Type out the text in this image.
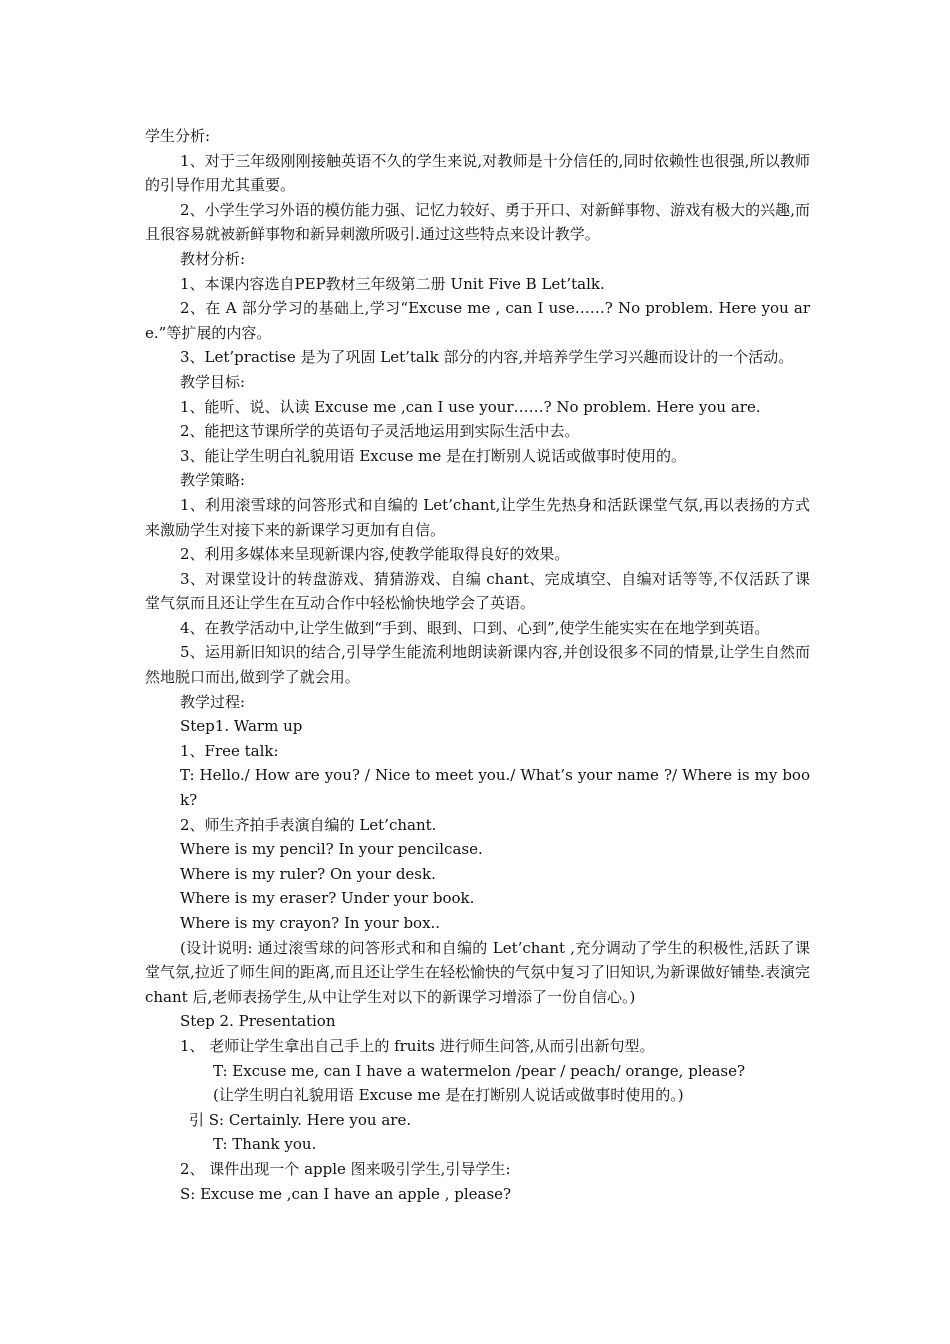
学生分析:

1、对于三年级刚刚接触英语不久的学生来说,对教师是十分信任的,同时依赖性也很强,所以教师的引导作用尤其重要。

2、小学生学习外语的模仿能力强、记忆力较好、勇于开口、对新鲜事物、游戏有极大的兴趣,而且很容易就被新鲜事物和新异刺激所吸引.通过这些特点来设计教学。

教材分析:

1、本课内容选自PEP教材三年级第二册 Unit Five B Let’talk.

2、在 A 部分学习的基础上,学习“Excuse me , can I use……? No problem. Here you are.”等扩展的内容。

3、Let’practise 是为了巩固 Let’talk 部分的内容,并培养学生学习兴趣而设计的一个活动。

教学目标:

1、能听、说、认读 Excuse me ,can I use your……? No problem. Here you are.

2、能把这节课所学的英语句子灵活地运用到实际生活中去。

3、能让学生明白礼貌用语 Excuse me 是在打断别人说话或做事时使用的。

教学策略:

1、利用滚雪球的问答形式和自编的 Let’chant,让学生先热身和活跃课堂气氛,再以表扬的方式来激励学生对接下来的新课学习更加有自信。

2、利用多媒体来呈现新课内容,使教学能取得良好的效果。

3、对课堂设计的转盘游戏、猜猜游戏、自编 chant、完成填空、自编对话等等,不仅活跃了课堂气氛而且还让学生在互动合作中轻松愉快地学会了英语。

4、在教学活动中,让学生做到“手到、眼到、口到、心到”,使学生能实实在在地学到英语。

5、运用新旧知识的结合,引导学生能流利地朗读新课内容,并创设很多不同的情景,让学生自然而然地脱口而出,做到学了就会用。

教学过程:

Step1. Warm up

1、Free talk:

T: Hello./ How are you? / Nice to meet you./ What’s your name ?/ Where is my book?

2、师生齐拍手表演自编的 Let’chant.

Where is my pencil? In your pencilcase.

Where is my ruler? On your desk.

Where is my eraser? Under your book.

Where is my crayon? In your box..

(设计说明: 通过滚雪球的问答形式和和自编的 Let’chant ,充分调动了学生的积极性,活跃了课堂气氛,拉近了师生间的距离,而且还让学生在轻松愉快的气氛中复习了旧知识,为新课做好铺垫.表演完 chant 后,老师表扬学生,从中让学生对以下的新课学习增添了一份自信心。)

Step 2. Presentation

1、 老师让学生拿出自己手上的 fruits 进行师生问答,从而引出新句型。

T: Excuse me, can I have a watermelon /pear / peach/ orange, please?

(让学生明白礼貌用语 Excuse me 是在打断别人说话或做事时使用的。)

引 S: Certainly. Here you are.

T: Thank you.

2、 课件出现一个 apple 图来吸引学生,引导学生:

S: Excuse me ,can I have an apple , please?
